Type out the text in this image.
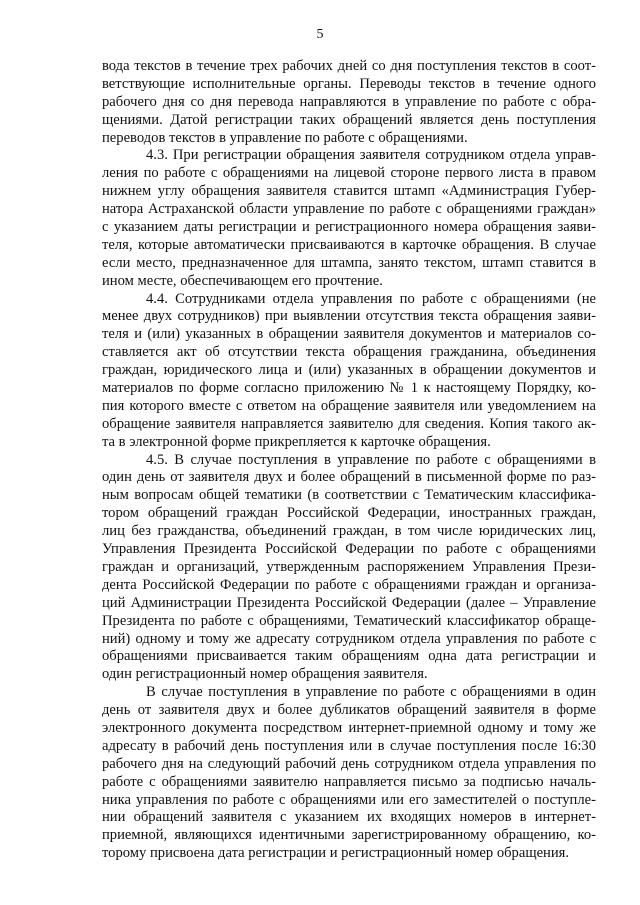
5
вода текстов в течение трех рабочих дней со дня поступления текстов в соот-
ветствующие исполнительные органы. Переводы текстов в течение одного
рабочего дня со дня перевода направляются в управление по работе с обра-
щениями. Датой регистрации таких обращений является день поступления
переводов текстов в управление по работе с обращениями.
4.3. При регистрации обращения заявителя сотрудником отдела управ-
ления по работе с обращениями на лицевой стороне первого листа в правом
нижнем углу обращения заявителя ставится штамп «Администрация Губер-
натора Астраханской области управление по работе с обращениями граждан»
с указанием даты регистрации и регистрационного номера обращения заяви-
теля, которые автоматически присваиваются в карточке обращения. В случае
если место, предназначенное для штампа, занято текстом, штамп ставится в
ином месте, обеспечивающем его прочтение.
4.4. Сотрудниками отдела управления по работе с обращениями (не
менее двух сотрудников) при выявлении отсутствия текста обращения заяви-
теля и (или) указанных в обращении заявителя документов и материалов со-
ставляется акт об отсутствии текста обращения гражданина, объединения
граждан, юридического лица и (или) указанных в обращении документов и
материалов по форме согласно приложению № 1 к настоящему Порядку, ко-
пия которого вместе с ответом на обращение заявителя или уведомлением на
обращение заявителя направляется заявителю для сведения. Копия такого ак-
та в электронной форме прикрепляется к карточке обращения.
4.5. В случае поступления в управление по работе с обращениями в
один день от заявителя двух и более обращений в письменной форме по раз-
ным вопросам общей тематики (в соответствии с Тематическим классифика-
тором обращений граждан Российской Федерации, иностранных граждан,
лиц без гражданства, объединений граждан, в том числе юридических лиц,
Управления Президента Российской Федерации по работе с обращениями
граждан и организаций, утвержденным распоряжением Управления Прези-
дента Российской Федерации по работе с обращениями граждан и организа-
ций Администрации Президента Российской Федерации (далее – Управление
Президента по работе с обращениями, Тематический классификатор обраще-
ний) одному и тому же адресату сотрудником отдела управления по работе с
обращениями присваивается таким обращениям одна дата регистрации и
один регистрационный номер обращения заявителя.
В случае поступления в управление по работе с обращениями в один
день от заявителя двух и более дубликатов обращений заявителя в форме
электронного документа посредством интернет-приемной одному и тому же
адресату в рабочий день поступления или в случае поступления после 16:30
рабочего дня на следующий рабочий день сотрудником отдела управления по
работе с обращениями заявителю направляется письмо за подписью началь-
ника управления по работе с обращениями или его заместителей о поступле-
нии обращений заявителя с указанием их входящих номеров в интернет-
приемной, являющихся идентичными зарегистрированному обращению, ко-
торому присвоена дата регистрации и регистрационный номер обращения.
